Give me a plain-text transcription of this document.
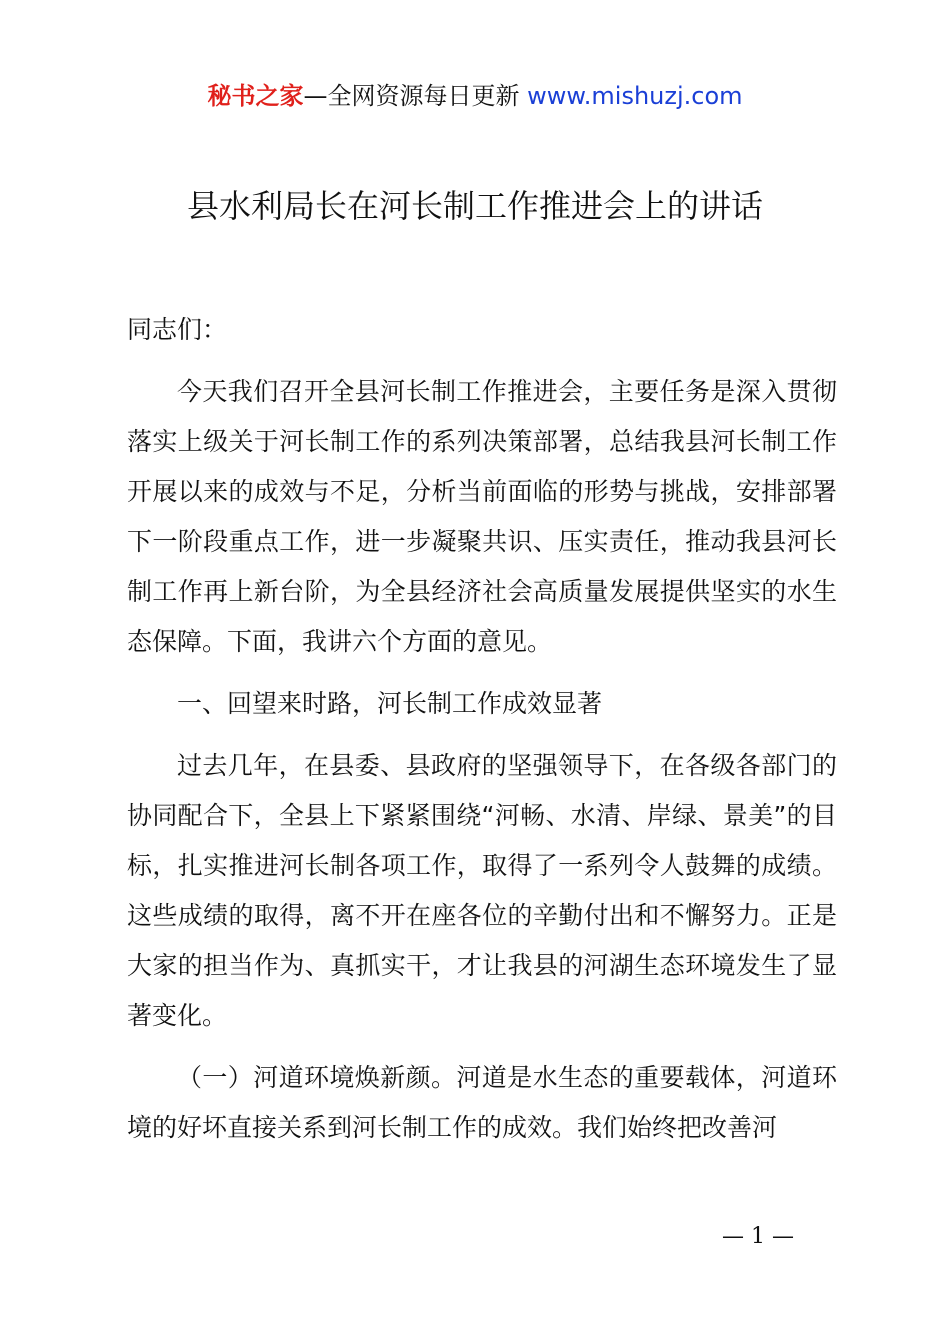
秘书之家—全网资源每日更新 www.mishuzj.com
县水利局长在河长制工作推进会上的讲话

同志们：

今天我们召开全县河长制工作推进会，主要任务是深入贯彻落实上级关于河长制工作的系列决策部署，总结我县河长制工作开展以来的成效与不足，分析当前面临的形势与挑战，安排部署下一阶段重点工作，进一步凝聚共识、压实责任，推动我县河长制工作再上新台阶，为全县经济社会高质量发展提供坚实的水生态保障。下面，我讲六个方面的意见。

一、回望来时路，河长制工作成效显著

过去几年，在县委、县政府的坚强领导下，在各级各部门的协同配合下，全县上下紧紧围绕“河畅、水清、岸绿、景美”的目标，扎实推进河长制各项工作，取得了一系列令人鼓舞的成绩。这些成绩的取得，离不开在座各位的辛勤付出和不懈努力。正是大家的担当作为、真抓实干，才让我县的河湖生态环境发生了显著变化。

（一）河道环境焕新颜。河道是水生态的重要载体，河道环境的好坏直接关系到河长制工作的成效。我们始终把改善河

— 1 —
